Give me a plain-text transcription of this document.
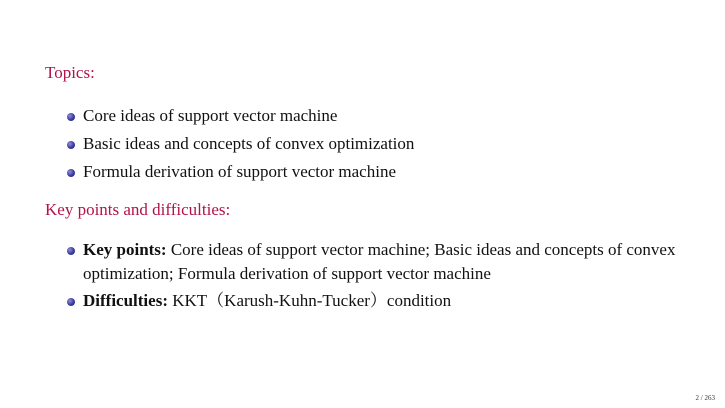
Topics:
Core ideas of support vector machine
Basic ideas and concepts of convex optimization
Formula derivation of support vector machine
Key points and difficulties:
Key points: Core ideas of support vector machine; Basic ideas and concepts of convex optimization; Formula derivation of support vector machine
Difficulties: KKT（Karush-Kuhn-Tucker）condition
2 / 263
